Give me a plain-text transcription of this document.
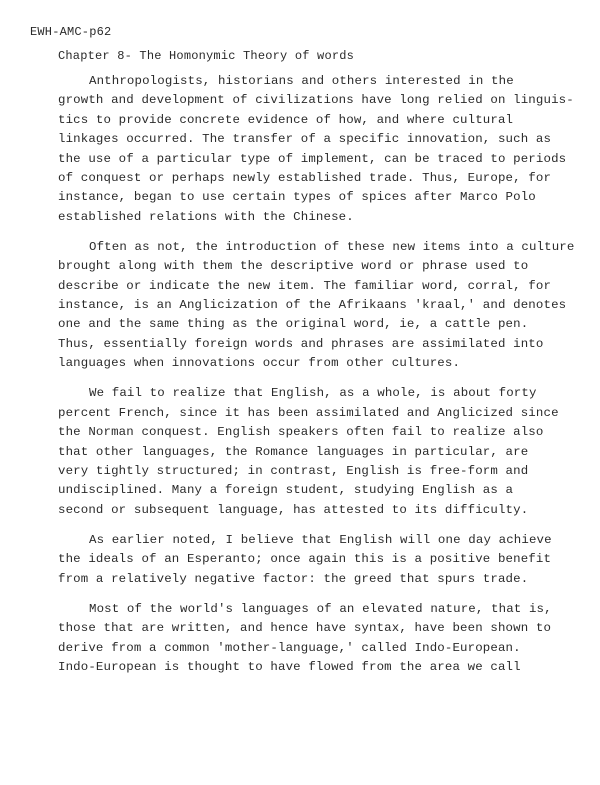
EWH-AMC-p62
Chapter 8- The Homonymic Theory of words
Anthropologists, historians and others interested in the
growth and development of civilizations have long relied on linguis-
tics to provide concrete evidence of how, and where cultural
linkages occurred. The transfer of a specific innovation, such as
the use of a particular type of implement, can be traced to periods
of conquest or perhaps newly established trade. Thus, Europe, for
instance, began to use certain types of spices after Marco Polo
established relations with the Chinese.
Often as not, the introduction of these new items into a culture
brought along with them the descriptive word or phrase used to
describe or indicate the new item. The familiar word, corral, for
instance, is an Anglicization of the Afrikaans 'kraal,' and denotes
one and the same thing as the original word, ie, a cattle pen.
Thus, essentially foreign words and phrases are assimilated into
languages when innovations occur from other cultures.
We fail to realize that English, as a whole, is about forty
percent French, since it has been assimilated and Anglicized since
the Norman conquest. English speakers often fail to realize also
that other languages, the Romance languages in particular, are
very tightly structured; in contrast, English is free-form and
undisciplined. Many a foreign student, studying English as a
second or subsequent language, has attested to its difficulty.
As earlier noted, I believe that English will one day achieve
the ideals of an Esperanto; once again this is a positive benefit
from a relatively negative factor: the greed that spurs trade.
Most of the world's languages of an elevated nature, that is,
those that are written, and hence have syntax, have been shown to
derive from a common 'mother-language,' called Indo-European.
Indo-European is thought to have flowed from the area we call
